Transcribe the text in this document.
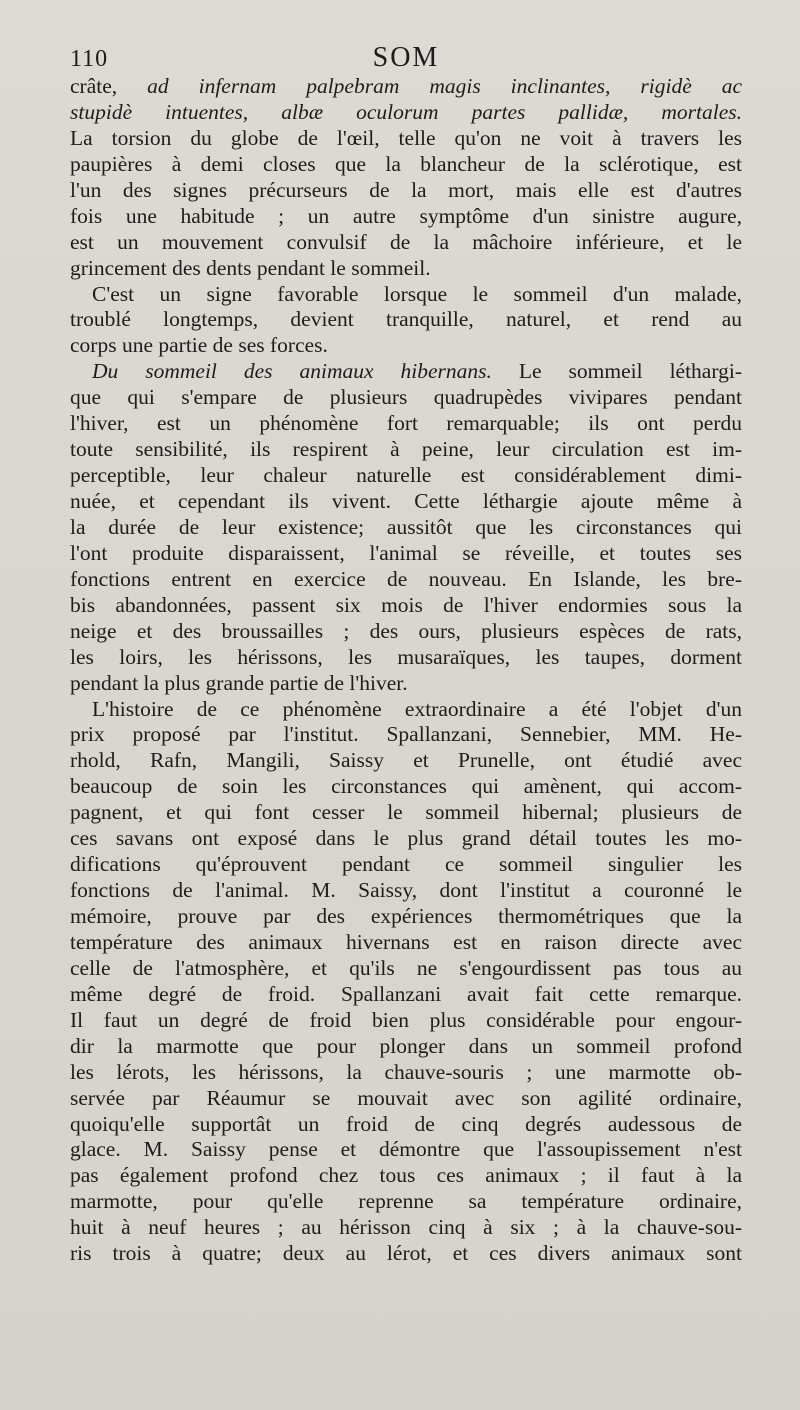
110	SOM
crâte, ad infernam palpebram magis inclinantes, rigidè ac
stupidè intuentes, albæ oculorum partes pallidæ, mortales.
La torsion du globe de l'œil, telle qu'on ne voit à travers les
paupières à demi closes que la blancheur de la sclérotique, est
l'un des signes précurseurs de la mort, mais elle est d'autres
fois une habitude ; un autre symptôme d'un sinistre augure,
est un mouvement convulsif de la mâchoire inférieure, et le
grincement des dents pendant le sommeil.
C'est un signe favorable lorsque le sommeil d'un malade,
troublé longtemps, devient tranquille, naturel, et rend au
corps une partie de ses forces.
Du sommeil des animaux hibernans. Le sommeil léthargi-
que qui s'empare de plusieurs quadrupèdes vivipares pendant
l'hiver, est un phénomène fort remarquable; ils ont perdu
toute sensibilité, ils respirent à peine, leur circulation est im-
perceptible, leur chaleur naturelle est considérablement dimi-
nuée, et cependant ils vivent. Cette léthargie ajoute même à
la durée de leur existence; aussitôt que les circonstances qui
l'ont produite disparaissent, l'animal se réveille, et toutes ses
fonctions entrent en exercice de nouveau. En Islande, les bre-
bis abandonnées, passent six mois de l'hiver endormies sous la
neige et des broussailles ; des ours, plusieurs espèces de rats,
les loirs, les hérissons, les musaraïques, les taupes, dorment
pendant la plus grande partie de l'hiver.
L'histoire de ce phénomène extraordinaire a été l'objet d'un
prix proposé par l'institut. Spallanzani, Sennebier, MM. He-
rhold, Rafn, Mangili, Saissy et Prunelle, ont étudié avec
beaucoup de soin les circonstances qui amènent, qui accom-
pagnent, et qui font cesser le sommeil hibernal; plusieurs de
ces savans ont exposé dans le plus grand détail toutes les mo-
difications qu'éprouvent pendant ce sommeil singulier les
fonctions de l'animal. M. Saissy, dont l'institut a couronné le
mémoire, prouve par des expériences thermométriques que la
température des animaux hivernans est en raison directe avec
celle de l'atmosphère, et qu'ils ne s'engourdissent pas tous au
même degré de froid. Spallanzani avait fait cette remarque.
Il faut un degré de froid bien plus considérable pour engour-
dir la marmotte que pour plonger dans un sommeil profond
les lérots, les hérissons, la chauve-souris ; une marmotte ob-
servée par Réaumur se mouvait avec son agilité ordinaire,
quoiqu'elle supportât un froid de cinq degrés audessous de
glace. M. Saissy pense et démontre que l'assoupissement n'est
pas également profond chez tous ces animaux ; il faut à la
marmotte, pour qu'elle reprenne sa température ordinaire,
huit à neuf heures ; au hérisson cinq à six ; à la chauve-sou-
ris trois à quatre; deux au lérot, et ces divers animaux sont
